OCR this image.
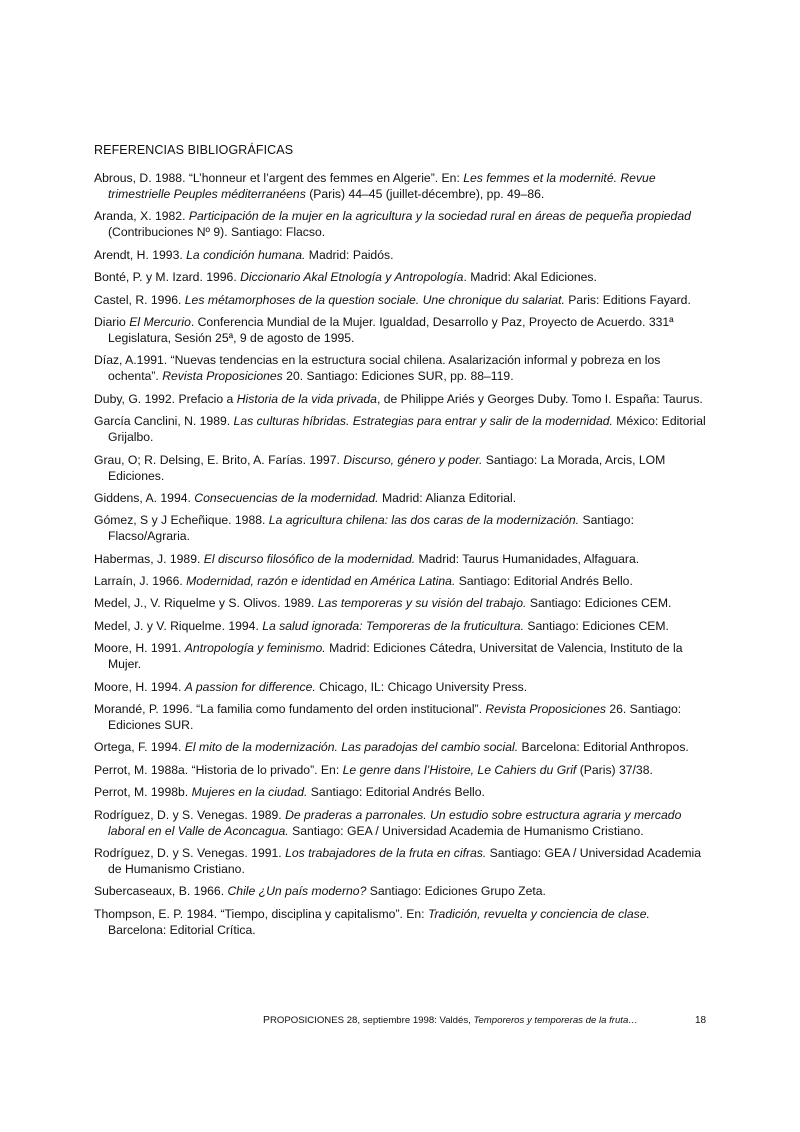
REFERENCIAS BIBLIOGRÁFICAS
Abrous, D. 1988. “L’honneur et l’argent des femmes en Algerie”. En: Les femmes et la modernité. Revue trimestrielle Peuples méditerranéens (Paris) 44–45 (juillet-décembre), pp. 49–86.
Aranda, X. 1982. Participación de la mujer en la agricultura y la sociedad rural en áreas de pequeña propiedad (Contribuciones Nº 9). Santiago: Flacso.
Arendt, H. 1993. La condición humana. Madrid: Paidós.
Bonté, P. y M. Izard. 1996. Diccionario Akal Etnología y Antropología. Madrid: Akal Ediciones.
Castel, R. 1996. Les métamorphoses de la question sociale. Une chronique du salariat. Paris: Editions Fayard.
Diario El Mercurio. Conferencia Mundial de la Mujer. Igualdad, Desarrollo y Paz, Proyecto de Acuerdo. 331ª Legislatura, Sesión 25ª, 9 de agosto de 1995.
Díaz, A.1991. “Nuevas tendencias en la estructura social chilena. Asalarización informal y pobreza en los ochenta”. Revista Proposiciones 20. Santiago: Ediciones SUR, pp. 88–119.
Duby, G. 1992. Prefacio a Historia de la vida privada, de Philippe Ariés y Georges Duby. Tomo I. España: Taurus.
García Canclini, N. 1989. Las culturas híbridas. Estrategias para entrar y salir de la modernidad. México: Editorial Grijalbo.
Grau, O; R. Delsing, E. Brito, A. Farías. 1997. Discurso, género y poder. Santiago: La Morada, Arcis, LOM Ediciones.
Giddens, A. 1994. Consecuencias de la modernidad. Madrid: Alianza Editorial.
Gómez, S y J Echeñique. 1988. La agricultura chilena: las dos caras de la modernización. Santiago: Flacso/Agraria.
Habermas, J. 1989. El discurso filosófico de la modernidad. Madrid: Taurus Humanidades, Alfaguara.
Larraín, J. 1966. Modernidad, razón e identidad en América Latina. Santiago: Editorial Andrés Bello.
Medel, J., V. Riquelme y S. Olivos. 1989. Las temporeras y su visión del trabajo. Santiago: Ediciones CEM.
Medel, J. y V. Riquelme. 1994. La salud ignorada: Temporeras de la fruticultura. Santiago: Ediciones CEM.
Moore, H. 1991. Antropología y feminismo. Madrid: Ediciones Cátedra, Universitat de Valencia, Instituto de la Mujer.
Moore, H. 1994. A passion for difference. Chicago, IL: Chicago University Press.
Morandé, P. 1996. “La familia como fundamento del orden institucional”. Revista Proposiciones 26. Santiago: Ediciones SUR.
Ortega, F. 1994. El mito de la modernización. Las paradojas del cambio social. Barcelona: Editorial Anthropos.
Perrot, M. 1988a. “Historia de lo privado”. En: Le genre dans l’Histoire, Le Cahiers du Grif (Paris) 37/38.
Perrot, M. 1998b. Mujeres en la ciudad. Santiago: Editorial Andrés Bello.
Rodríguez, D. y S. Venegas. 1989. De praderas a parronales. Un estudio sobre estructura agraria y mercado laboral en el Valle de Aconcagua. Santiago: GEA / Universidad Academia de Humanismo Cristiano.
Rodríguez, D. y S. Venegas. 1991. Los trabajadores de la fruta en cifras. Santiago: GEA / Universidad Academia de Humanismo Cristiano.
Subercaseaux, B. 1966. Chile ¿Un país moderno? Santiago: Ediciones Grupo Zeta.
Thompson, E. P. 1984. “Tiempo, disciplina y capitalismo”. En: Tradición, revuelta y conciencia de clase. Barcelona: Editorial Crítica.
PROPOSICIONES 28, septiembre 1998: Valdés, Temporeros y temporeras de la fruta…	18
